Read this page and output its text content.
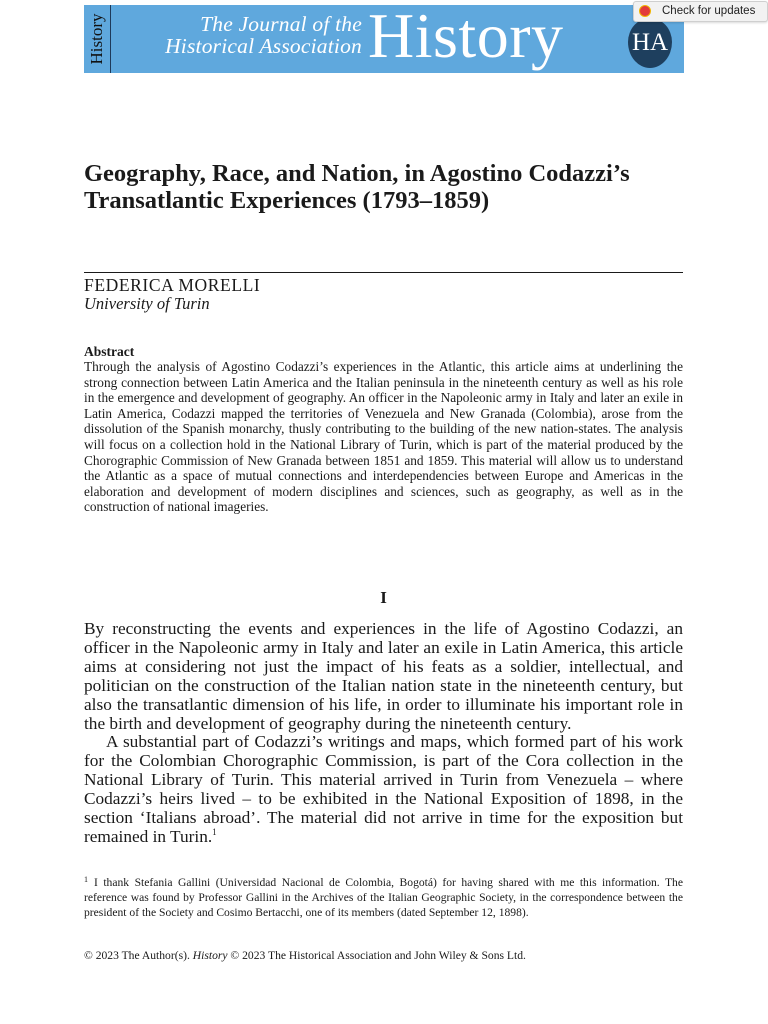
History	The Journal of the
Historical Association History	HA
Check for updates
Geography, Race, and Nation, in Agostino Codazzi’s Transatlantic Experiences (1793–1859)
FEDERICA MORELLI
University of Turin
Abstract

Through the analysis of Agostino Codazzi’s experiences in the Atlantic, this article aims at underlining the strong connection between Latin America and the Italian peninsula in the nineteenth century as well as his role in the emergence and development of geography. An officer in the Napoleonic army in Italy and later an exile in Latin America, Codazzi mapped the territories of Venezuela and New Granada (Colombia), arose from the dissolution of the Spanish monarchy, thusly contributing to the building of the new nation-states. The analysis will focus on a collection hold in the National Library of Turin, which is part of the material produced by the Chorographic Commission of New Granada between 1851 and 1859. This material will allow us to understand the Atlantic as a space of mutual connections and interdependencies between Europe and Americas in the elaboration and development of modern disciplines and sciences, such as geography, as well as in the construction of national imageries.

I

By reconstructing the events and experiences in the life of Agostino Codazzi, an officer in the Napoleonic army in Italy and later an exile in Latin America, this article aims at considering not just the impact of his feats as a soldier, intellectual, and politician on the construction of the Italian nation state in the nineteenth century, but also the transatlantic dimension of his life, in order to illuminate his important role in the birth and development of geography during the nineteenth century.

A substantial part of Codazzi’s writings and maps, which formed part of his work for the Colombian Chorographic Commission, is part of the Cora collection in the National Library of Turin. This material arrived in Turin from Venezuela – where Codazzi’s heirs lived – to be exhibited in the National Exposition of 1898, in the section ‘Italians abroad’. The material did not arrive in time for the exposition but remained in Turin.$^1$

$^1$ I thank Stefania Gallini (Universidad Nacional de Colombia, Bogotá) for having shared with me this information. The reference was found by Professor Gallini in the Archives of the Italian Geographic Society, in the correspondence between the president of the Society and Cosimo Bertacchi, one of its members (dated September 12, 1898).

© 2023 The Author(s). History © 2023 The Historical Association and John Wiley & Sons Ltd.
